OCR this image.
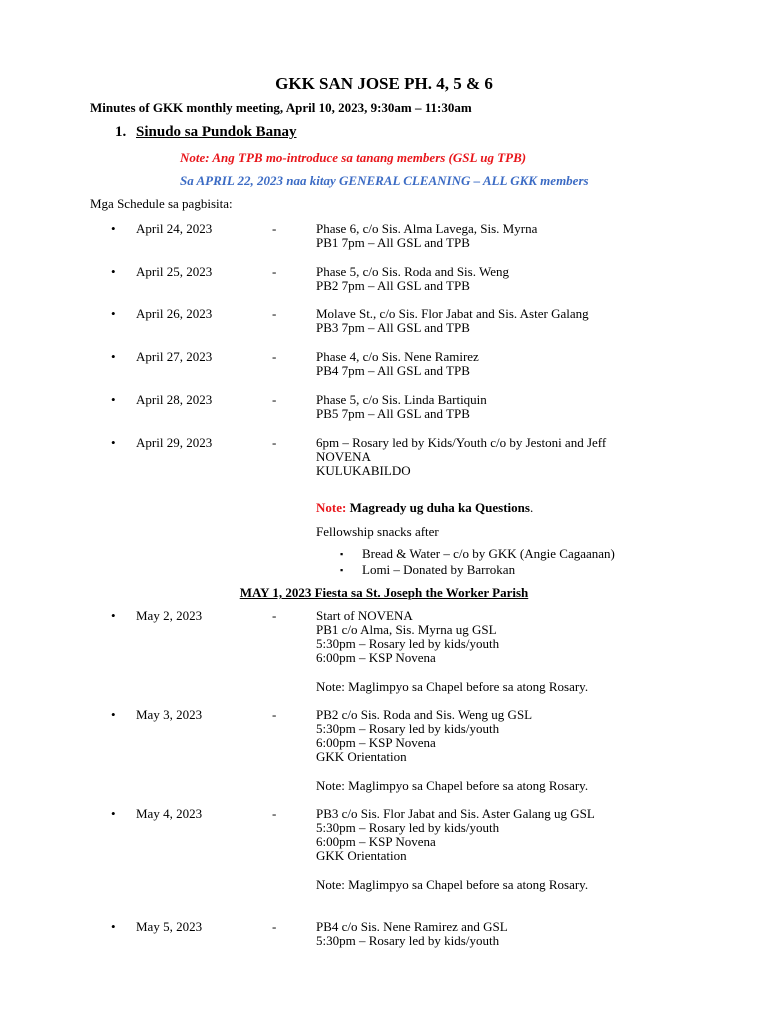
GKK SAN JOSE PH. 4, 5 & 6
Minutes of GKK monthly meeting, April 10, 2023, 9:30am – 11:30am
1. Sinudo sa Pundok Banay
Note: Ang TPB mo-introduce sa tanang members (GSL ug TPB)
Sa APRIL 22, 2023 naa kitay GENERAL CLEANING – ALL GKK members
Mga Schedule sa pagbisita:
• April 24, 2023	-	Phase 6, c/o Sis. Alma Lavega, Sis. Myrna
PB1 7pm – All GSL and TPB
• April 25, 2023	-	Phase 5, c/o Sis. Roda and Sis. Weng
PB2 7pm – All GSL and TPB
• April 26, 2023	-	Molave St., c/o Sis. Flor Jabat and Sis. Aster Galang
PB3 7pm – All GSL and TPB
• April 27, 2023	-	Phase 4, c/o Sis. Nene Ramirez
PB4 7pm – All GSL and TPB
• April 28, 2023	-	Phase 5, c/o Sis. Linda Bartiquin
PB5 7pm – All GSL and TPB
• April 29, 2023	-	6pm – Rosary led by Kids/Youth c/o by Jestoni and Jeff
NOVENA
KULUKABILDO
Note: Magready ug duha ka Questions.
Fellowship snacks after
▪ Bread & Water – c/o by GKK (Angie Cagaanan)
▪ Lomi – Donated by Barrokan
MAY 1, 2023 Fiesta sa St. Joseph the Worker Parish
• May 2, 2023	-	Start of NOVENA
PB1 c/o Alma, Sis. Myrna ug GSL
5:30pm – Rosary led by kids/youth
6:00pm – KSP Novena
Note: Maglimpyo sa Chapel before sa atong Rosary.
• May 3, 2023	-	PB2 c/o Sis. Roda and Sis. Weng ug GSL
5:30pm – Rosary led by kids/youth
6:00pm – KSP Novena
GKK Orientation
Note: Maglimpyo sa Chapel before sa atong Rosary.
• May 4, 2023	-	PB3 c/o Sis. Flor Jabat and Sis. Aster Galang ug GSL
5:30pm – Rosary led by kids/youth
6:00pm – KSP Novena
GKK Orientation
Note: Maglimpyo sa Chapel before sa atong Rosary.
• May 5, 2023	-	PB4 c/o Sis. Nene Ramirez and GSL
5:30pm – Rosary led by kids/youth
